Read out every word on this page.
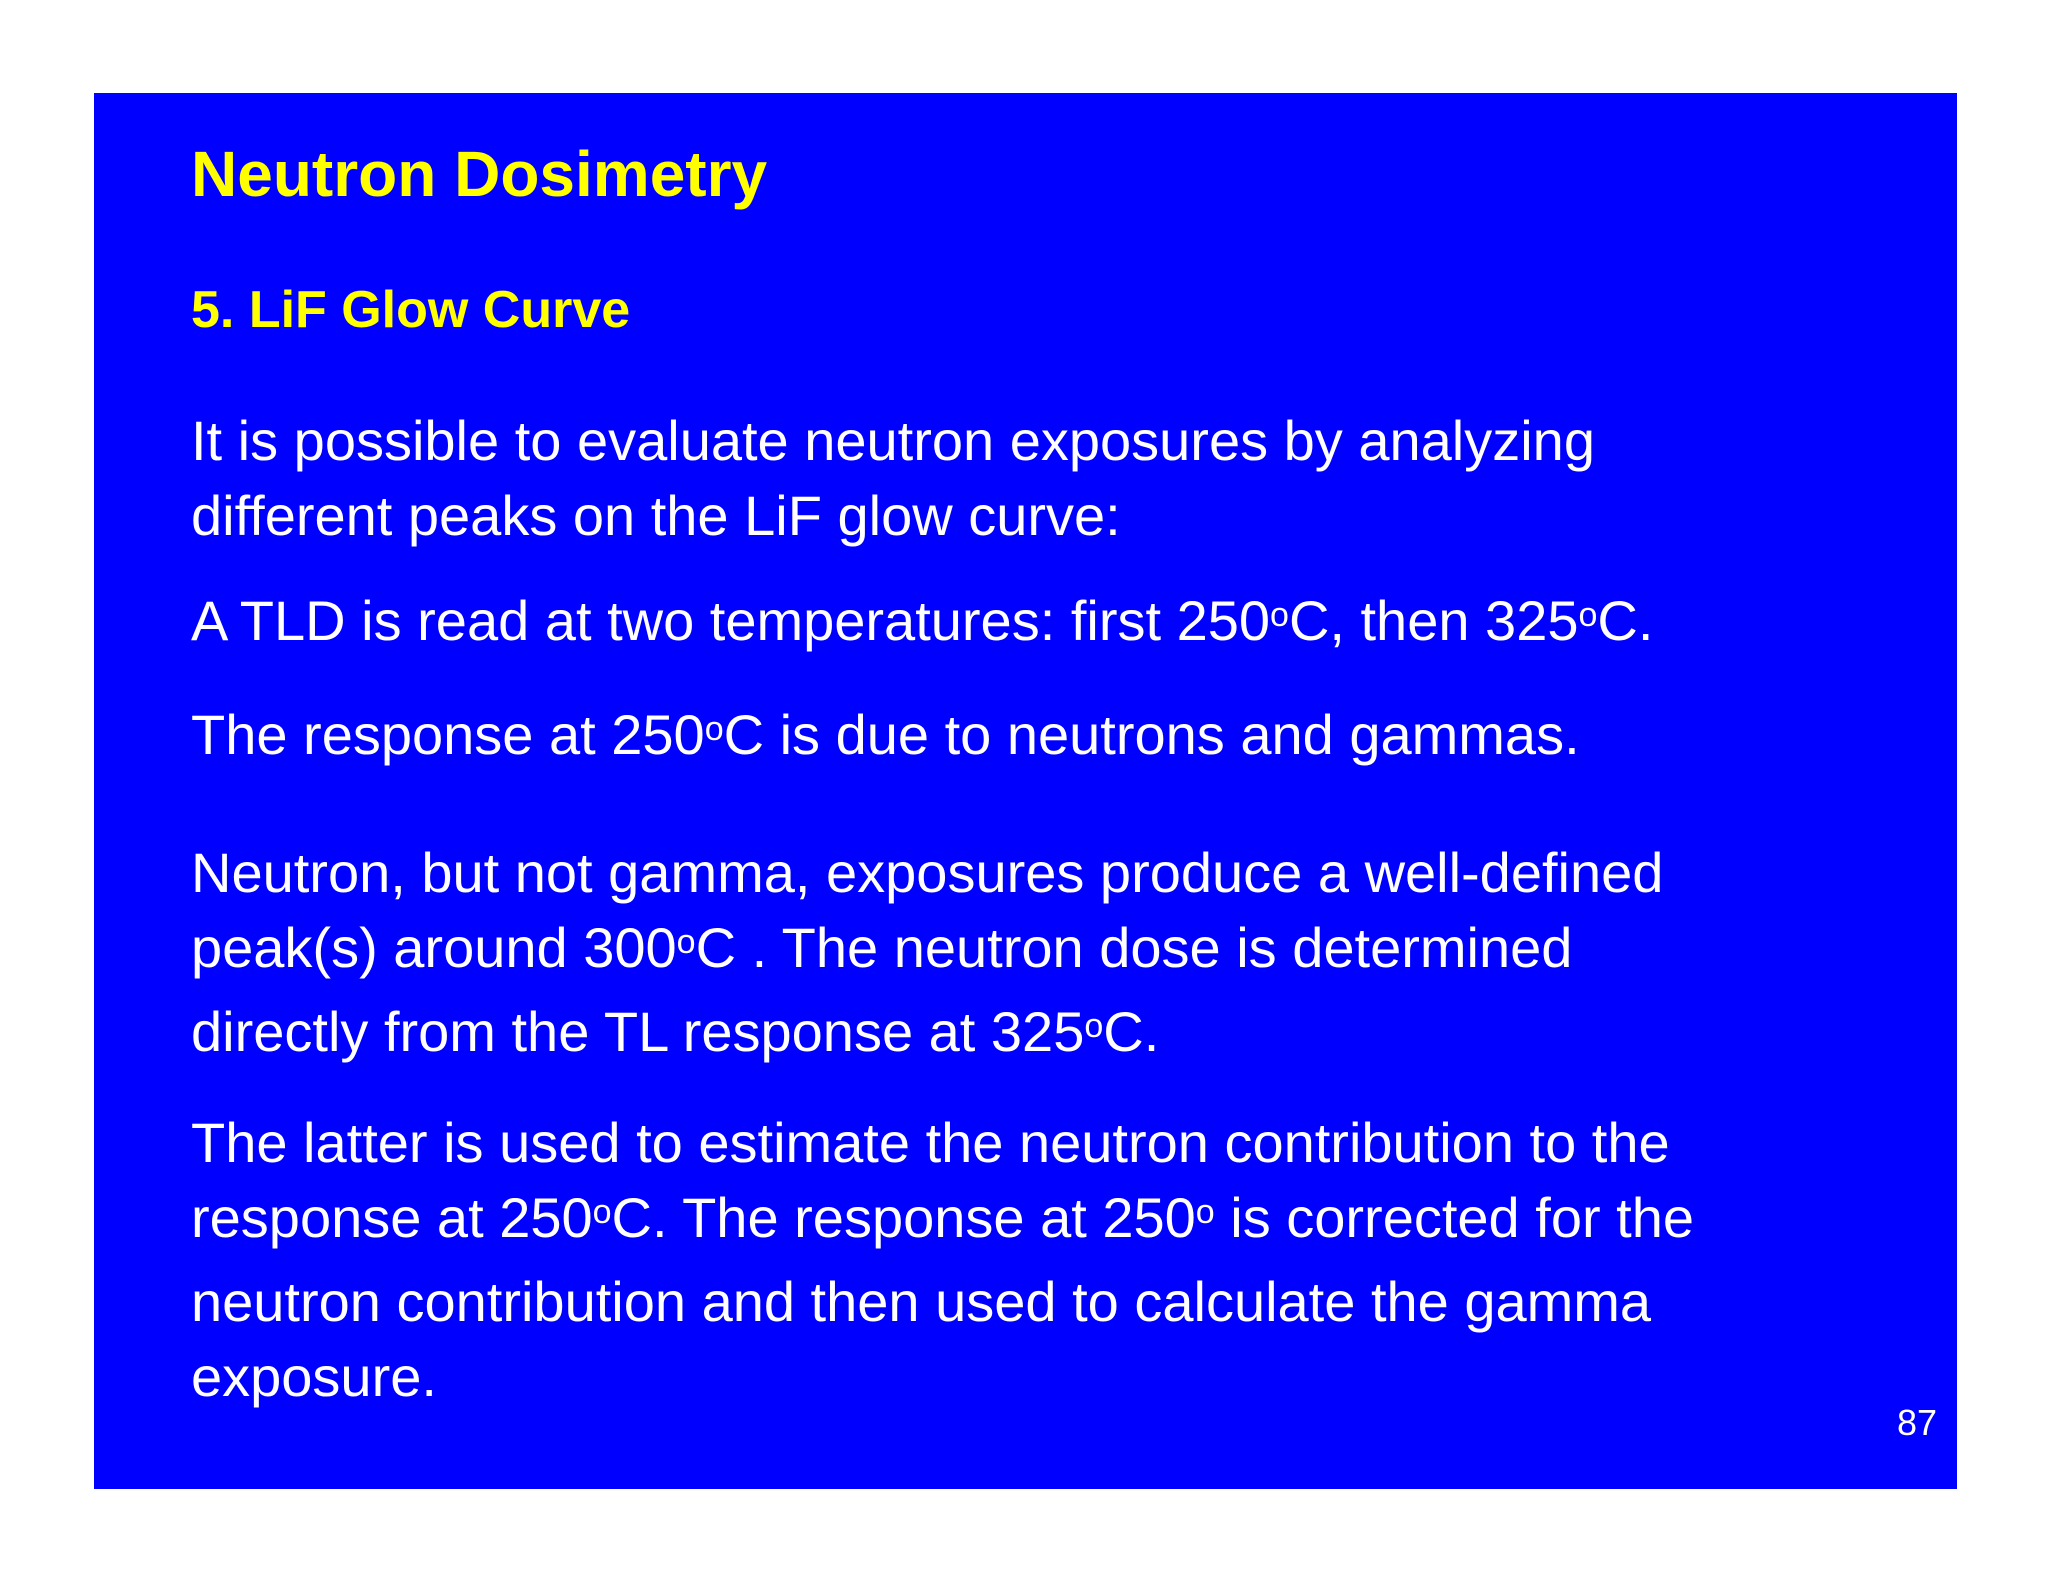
Neutron Dosimetry
5. LiF Glow Curve

It is possible to evaluate neutron exposures by analyzing
different peaks on the LiF glow curve:

A TLD is read at two temperatures: first 250$^o$C, then 325$^o$C.

The response at 250$^o$C is due to neutrons and gammas.

Neutron, but not gamma, exposures produce a well-defined
peak(s) around 300$^o$C . The neutron dose is determined
directly from the TL response at 325$^o$C.

The latter is used to estimate the neutron contribution to the
response at 250$^o$C. The response at 250$^o$ is corrected for the
neutron contribution and then used to calculate the gamma
exposure.

87
